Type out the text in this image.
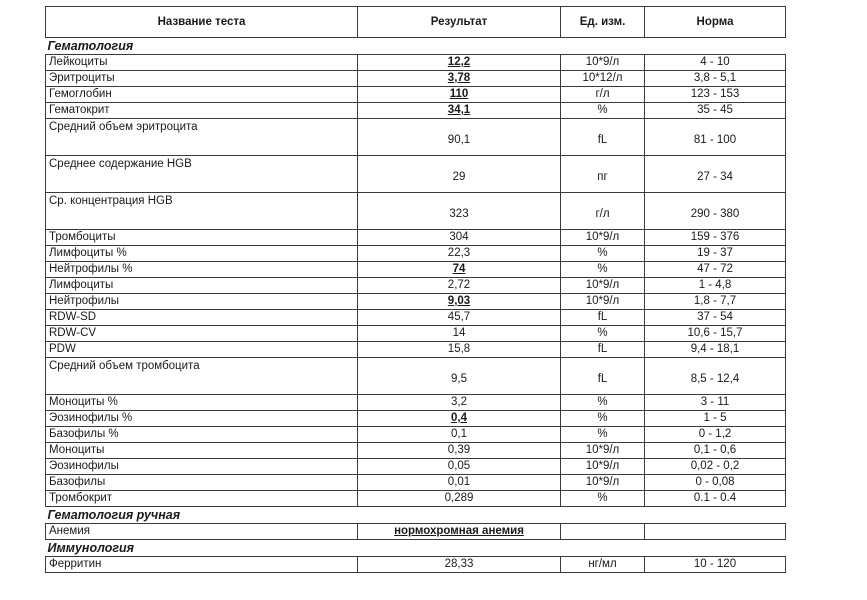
Название теста	Результат	Ед. изм.	Норма
Гематология			
Лейкоциты	12,2	10*9/л	4 - 10
Эритроциты	3,78	10*12/л	3,8 - 5,1
Гемоглобин	110	г/л	123 - 153
Гематокрит	34,1	%	35 - 45
Средний объем эритроцита	90,1	fL	81 - 100
Среднее содержание HGB	29	пг	27 - 34
Ср. концентрация HGB	323	г/л	290 - 380
Тромбоциты	304	10*9/л	159 - 376
Лимфоциты %	22,3	%	19 - 37
Нейтрофилы %	74	%	47 - 72
Лимфоциты	2,72	10*9/л	1 - 4,8
Нейтрофилы	9,03	10*9/л	1,8 - 7,7
RDW-SD	45,7	fL	37 - 54
RDW-CV	14	%	10,6 - 15,7
PDW	15,8	fL	9,4 - 18,1
Средний объем тромбоцита	9,5	fL	8,5 - 12,4
Моноциты %	3,2	%	3 - 11
Эозинофилы %	0,4	%	1 - 5
Базофилы %	0,1	%	0 - 1,2
Моноциты	0,39	10*9/л	0,1 - 0,6
Эозинофилы	0,05	10*9/л	0,02 - 0,2
Базофилы	0,01	10*9/л	0 - 0,08
Тромбокрит	0,289	%	0.1 - 0.4
Гематология ручная			
Анемия	нормохромная анемия		
Иммунология			
Ферритин	28,33	нг/мл	10 - 120
